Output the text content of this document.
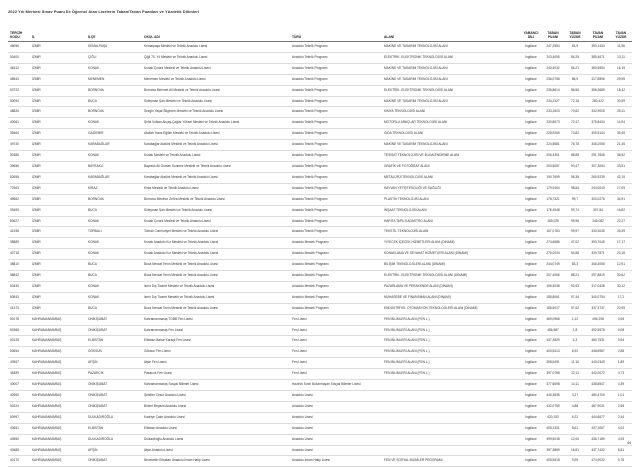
2022 Yılı Merkezi Sınav Puanı İle Öğrenci Alan Liselerin Taban/Tavan Puanları ve Yüzdelik Dilimleri
TERCİH KODU	İL	İLÇE	OKUL ADI	TÜRÜ	ALANI	YABANCI DİLİ	TABAN PUANI	TABAN YÜZDE	TAVAN PUANI	TAVAN YÜZDE
48056	İZMİR	KEMALPAŞA	Kemalpaşa Mesleki ve Teknik Anadolu Lisesi	Anadolu Teknik Programı	MAKİNE VE TASARIM TEKNOLOJİSİ ALANI	İngilizce	247,2554	81,9	390,1434	11,56
50400	İZMİR	ÇİĞLİ	Çiğli 75. Yıl Mesleki ve Teknik Anadolu Lisesi	Anadolu Teknik Programı	ELEKTRİK- ELEKTRONİK TEKNOLOJİSİ ALANI	İngilizce	243,4095	84,28	385,4671	13,11
46312	İZMİR	KONAK	Konak Çınarlı Mesleki ve Teknik Anadolu Lisesi	Anadolu Teknik Programı	MAKİNE VE TASARIM TEKNOLOJİSİ ALANI	İngilizce	240,4032	84,21	380,5954	16,19
48543	İZMİR	MENEMEN	Menemen Mesleki ve Teknik Anadolu Lisesi	Anadolu Teknik Programı	MAKİNE VE TASARIM TEKNOLOJİSİ ALANI	İngilizce	236,0756	86,9	317,8596	29,95
50722	İZMİR	BORNOVA	Bornova Mehmet Ali Mesleki ve Teknik Anadolu Lisesi	Anadolu Teknik Programı	ELEKTRİK- ELEKTRONİK TEKNOLOJİSİ ALANI	İngilizce	236,8614	86,56	356,3689	18,42
50094	İZMİR	BUCA	Süleyman Şah Mesleki ve Teknik Anadolu Lisesi	Anadolu Teknik Programı	MAKİNE VE TASARIM TEKNOLOJİSİ ALANI	İngilizce	234,2327	72,16	280,422	30,59
48826	İZMİR	BORNOVA	Sezgin Yaşar Bilgecen Mesleki ve Teknik Anadolu Lisesi	Anadolu Teknik Programı	KİMYA TEKNOLOJİSİ ALANI	İngilizce	233,2603	70,82	332,9005	25,11
40061	İZMİR	KONAK	Şehit Volkan Akçay-Çağlar Yüksel Mesleki ve Teknik Anadolu Lisesi	Anadolu Teknik Programı	MOTORLU ARAÇLAR TEKNOLOJİSİ ALANI	İngilizce	230,8073	72,47	375,8434	14,94
39464	İZMİR	GAZİEMİR	Atatürk Hava Eğitim Mesleki ve Teknik Anadolu Lisesi	Anadolu Teknik Programı	GIDA TEKNOLOJİSİ ALANI	İngilizce	228,9265	73,82	309,5144	35,45
49740	İZMİR	KARABAĞLAR	Karabağlar Atatürk Mesleki ve Teknik Anadolu Lisesi	Anadolu Teknik Programı	MAKİNE VE TASARIM TEKNOLOJİSİ ALANI	İngilizce	224,5681	76,78	346,2056	21,45
50386	İZMİR	KONAK	Konak Mesleki ve Teknik Anadolu Lisesi	Anadolu Teknik Programı	TESİSAT TEKNOLOJİSİ VE İKLİMLENDİRME ALANI	İngilizce	206,3301	88,88	291,7848	36,52
39656	İZMİR	BAYRAKLI	Bayraklı Ali Osman Sonmez Mesleki ve Teknik Anadolu Lisesi	Anadolu Teknik Programı	GRAFİK VE FOTOĞRAF ALANI	İngilizce	203,5087	90,47	307,3094	33,51
52658	İZMİR	KARABAĞLAR	Karabağlar Atatürk Mesleki ve Teknik Anadolu Lisesi	Anadolu Teknik Programı	METALÜRJİ TEKNOLOJİSİ ALANI	İngilizce	190,7699	96,38	260,9239	42,15
72363	İZMİR	KİRAZ	Kiraz Mesleki ve Teknik Anadolu Lisesi	Anadolu Teknik Programı	HAYVAN YETİŞTİRİCİLİĞİ VE SAĞLIĞI	İngilizce	179,9454	98,84	244,0043	17,09
49682	İZMİR	BORNOVA	Bornova Mesthur Zehra Mesleki ve Teknik Anadolu Lisesi	Anadolu Teknik Programı	PLASTİK TEKNOLOJİSİ ALANI	İngilizce	178,7321	99,7	300,0276	34,91
39495	İZMİR	BUCA	Süleyman Şah Mesleki ve Teknik Anadolu Lisesi	Anadolu Teknik Programı	İNŞAAT TEKNOLOJİSİ ALANI	İngilizce	176,4548	99,74	307,84	16,82
80627	İZMİR	KONAK	Konak Çınarlı Mesleki ve Teknik Anadolu Lisesi	Anadolu Teknik Programı	HARİTA TAPU KADASTRO ALANI	İngilizce	169,025	99,96	345,082	22,27
42198	İZMİR	TORBALI	Torbalı Cumhuriyet Mesleki ve Teknik Anadolu Lisesi	Anadolu Teknik Programı	TEKSTİL TEKNOLOJİSİ ALANI	İngilizce	167,0783	99,97	330,3045	25,39
38889	İZMİR	KONAK	Konak Anadolu Kız Mesleki ve Teknik Anadolu Lisesi	Anadolu Meslek Programı	YİYECEK İÇECEK HİZMETLERİ ALANI (DİNAMİ)	İngilizce	274,6686	47,02	393,7045	17,17
40718	İZMİR	KONAK	Konak Anadolu Kız Mesleki ve Teknik Anadolu Lisesi	Anadolu Meslek Programı	KONAKLAMA VE SEYAHAT HİZMETLERİ ALANI (DİNAMİ)	İngilizce	276,0034	54,86	339,7871	23,16
38810	İZMİR	BUCA	Buca Nevzat Tenin Mesleki ve Teknik Anadolu Lisesi	Anadolu Meslek Programı	BİLİŞİM TEKNOLOJİLERİ ALANI (DİNAMİ)	İngilizce	244,0749	83,3	346,4056	12,91
38842	İZMİR	BUCA	Buca Nevzat Tenin Mesleki ve Teknik Anadolu Lisesi	Anadolu Meslek Programı	ELEKTRİK- ELEKTRONİK TEKNOLOJİSİ ALANI (DİNAMİ)	İngilizce	207,4066	88,21	297,8819	30,62
60430	İZMİR	KONAK	İzmir Dış Ticaret Mesleki ve Teknik Anadolu Lisesi	Anadolu Meslek Programı	PAZARLAMA VE PERAKENDE ALANI (DİNAMİ)	İngilizce	196,5038	92,93	317,0438	30,12
60843	İZMİR	KONAK	İzmir Dış Ticaret Mesleki ve Teknik Anadolu Lisesi	Anadolu Meslek Programı	MUHASEBE VE FİNANSMAN ALANI (DİNAMİ)	İngilizce	185,8061	97,44	340,0754	17,2
41373	İZMİR	BUCA	Buca Nevzat Tenin Mesleki ve Teknik Anadolu Lisesi	Anadolu Meslek Programı	ENDÜSTRİYEL OTOMASYON TEKNOLOJİLERİ ALANI (DİNAMİ)	İngilizce	185,5017	97,62	337,3737	20,95
50178	KAHRAMANMARAŞ	ONİKİŞUBAT	Kahramanmaraş TOBB Fen Lisesi	Fen Lisesi	FEN BİLİMLERİ ALANI (FEN L.)	İngilizce	469,0968	1,12	496,298	0,05
50368	KAHRAMANMARAŞ	ONİKİŞUBAT	Kahramanmaraş Fen Lisesi	Fen Lisesi	FEN BİLİMLERİ ALANI (FEN L.)	İngilizce	456,587	1,8	492,5578	0,08
50128	KAHRAMANMARAŞ	ELBİSTAN	Elbistan Bahar Karaçil Fen Lisesi	Fen Lisesi	FEN BİLİMLERİ ALANI (FEN L.)	İngilizce	437,3829	4,3	480,7531	0,54
50654	KAHRAMANMARAŞ	GÖKSUN	Göksun Fen Lisesi	Fen Lisesi	FEN BİLİMLERİ ALANI (FEN L.)	İngilizce	400,5413	6,92	448,8987	2,85
40557	KAHRAMANMARAŞ	AFŞİN	Afşin Fen Lisesi	Fen Lisesi	FEN BİLİMLERİ ALANI (FEN L.)	İngilizce	398,5491	11,16	443,0349	1,89
48459	KAHRAMANMARAŞ	PAZARCIK	Pazarcık Fen Lisesi	Fen Lisesi	FEN BİLİMLERİ ALANI (FEN L.)	İngilizce	397,0768	12,11	442,0072	3,73
40007	KAHRAMANMARAŞ	ONİKİŞUBAT	Kahramanmaraş Sosyal Bilimler Lisesi	Hazırlık Sınıfı Bulunmayan Sosyal Bilimler Lisesi		İngilizce	377,6698	14,11	438,8547	4,39
40960	KAHRAMANMARAŞ	ONİKİŞUBAT	Şehitler Cesur Anadolu Lisesi	Anadolu Lisesi		İngilizce	440,3835	3,27	480,4709	1,01
50224	KAHRAMANMARAŞ	ONİKİŞUBAT	Bülent Beyazıt Anadolu Lisesi	Anadolu Lisesi		İngilizce	432,0759	4,88	467,9031	2,55
50997	KAHRAMANMARAŞ	DULKADİROĞLU	Kadriye Çakır Anadolu Lisesi	Anadolu Lisesi		İngilizce	420,153	6,22	444,6677	2,44
40651	KAHRAMANMARAŞ	ELBİSTAN	Elbistan Anadolu Lisesi	Anadolu Lisesi		İngilizce	405,1331	8,61	437,2067	4,02
40550	KAHRAMANMARAŞ	DULKADİROĞLU	Dulkadiroğlu Anadolu Lisesi	Anadolu Lisesi		İngilizce	399,5018	12,06	436,7189	4,93
40488	KAHRAMANMARAŞ	AFŞİN	Afşin Anadolu Lisesi	Anadolu Lisesi		İngilizce	397,3869	16,81	437,7432	6,81
40170	KAHRAMANMARAŞ	ONİKİŞUBAT	Necmettin Erbakan Anadolu İmam Hatip Lisesi	Anadolu İmam Hatip Lisesi	FEN VE SOSYAL BİLİMLER PROGRAMI	İngilizce	405,5518	9,99	474,9032	0,75
44
